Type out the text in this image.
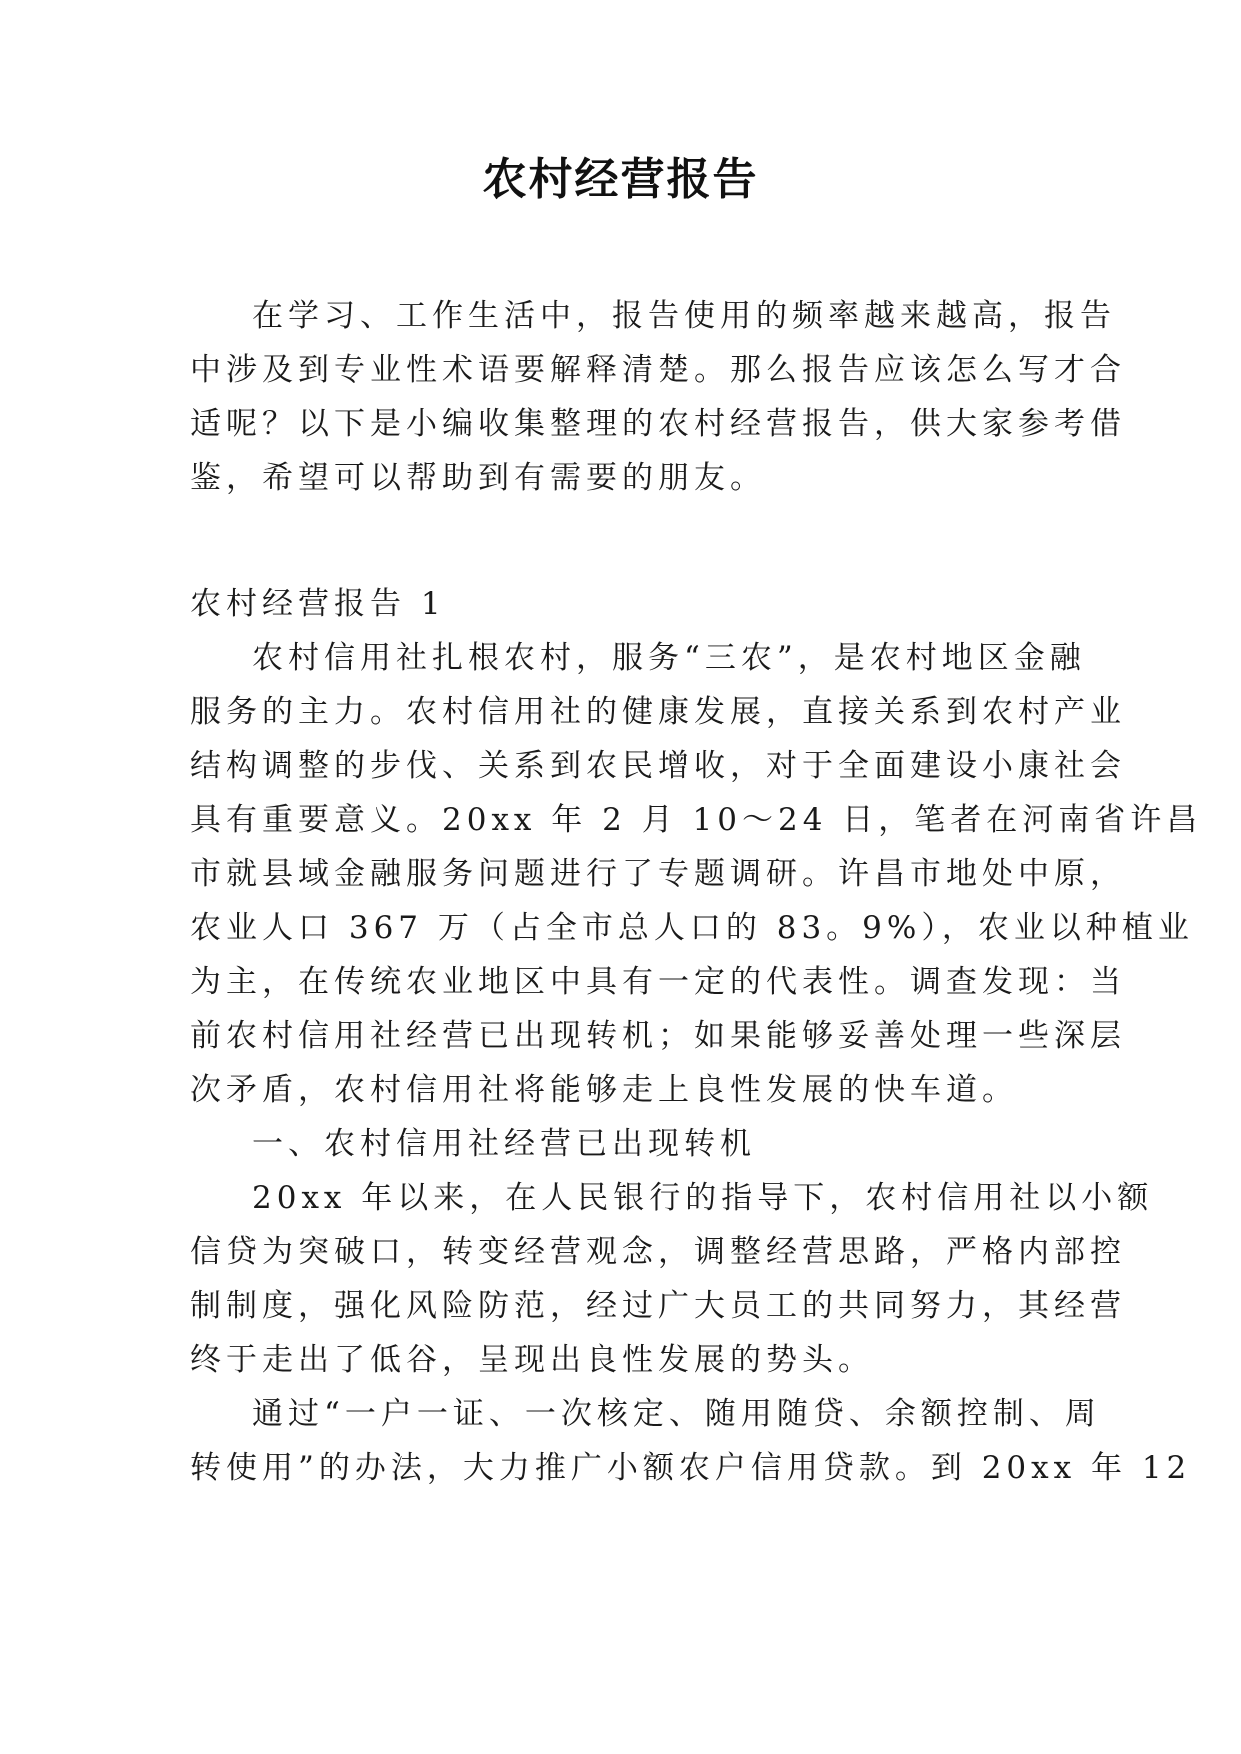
农村经营报告
在学习、工作生活中，报告使用的频率越来越高，报告
中涉及到专业性术语要解释清楚。那么报告应该怎么写才合
适呢？以下是小编收集整理的农村经营报告，供大家参考借
鉴，希望可以帮助到有需要的朋友。
农村经营报告 1
农村信用社扎根农村，服务“三农”，是农村地区金融
服务的主力。农村信用社的健康发展，直接关系到农村产业
结构调整的步伐、关系到农民增收，对于全面建设小康社会
具有重要意义。20xx 年 2 月 10～24 日，笔者在河南省许昌
市就县域金融服务问题进行了专题调研。许昌市地处中原，
农业人口 367 万（占全市总人口的 83。9%），农业以种植业
为主，在传统农业地区中具有一定的代表性。调查发现：当
前农村信用社经营已出现转机；如果能够妥善处理一些深层
次矛盾，农村信用社将能够走上良性发展的快车道。
一、农村信用社经营已出现转机
20xx 年以来，在人民银行的指导下，农村信用社以小额
信贷为突破口，转变经营观念，调整经营思路，严格内部控
制制度，强化风险防范，经过广大员工的共同努力，其经营
终于走出了低谷，呈现出良性发展的势头。
通过“一户一证、一次核定、随用随贷、余额控制、周
转使用”的办法，大力推广小额农户信用贷款。到 20xx 年 12
